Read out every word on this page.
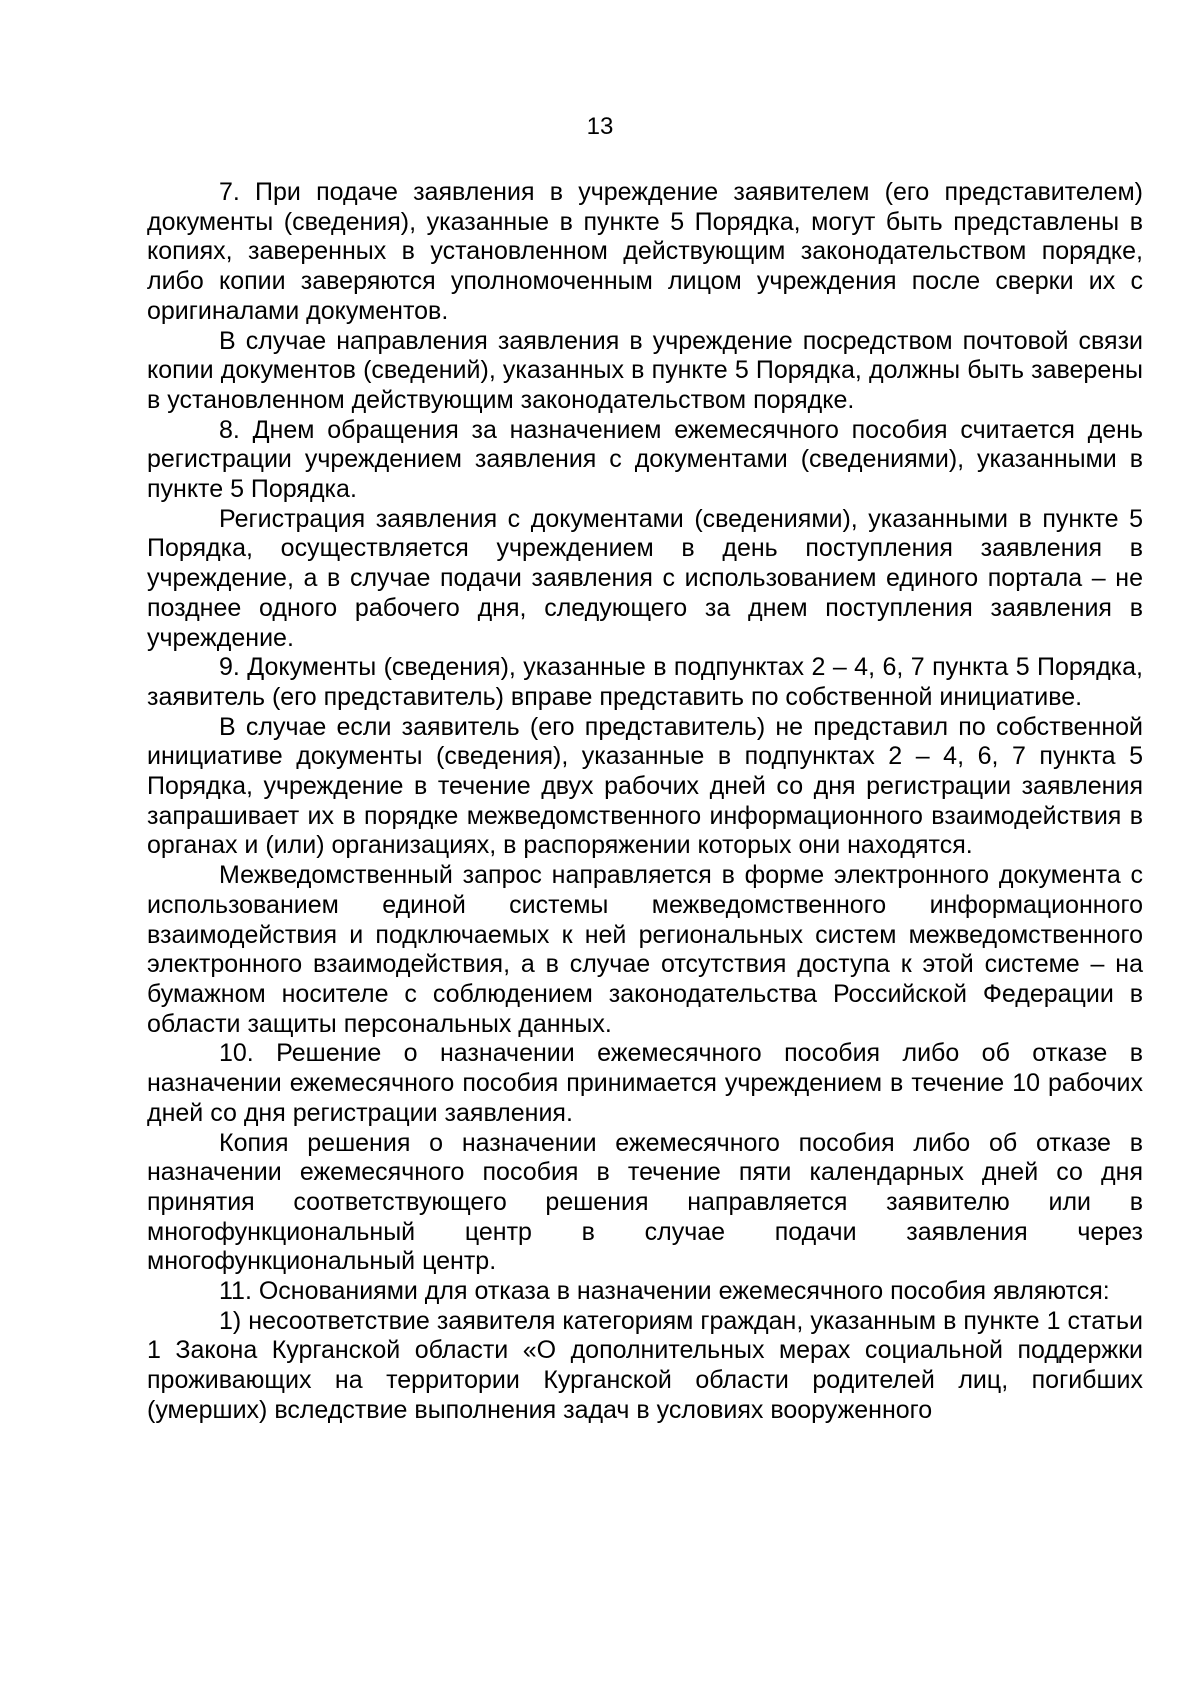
13

7. При подаче заявления в учреждение заявителем (его представителем) документы (сведения), указанные в пункте 5 Порядка, могут быть представлены в копиях, заверенных в установленном действующим законодательством порядке, либо копии заверяются уполномоченным лицом учреждения после сверки их с оригиналами документов.

В случае направления заявления в учреждение посредством почтовой связи копии документов (сведений), указанных в пункте 5 Порядка, должны быть заверены в установленном действующим законодательством порядке.

8. Днем обращения за назначением ежемесячного пособия считается день регистрации учреждением заявления с документами (сведениями), указанными в пункте 5 Порядка.

Регистрация заявления с документами (сведениями), указанными в пункте 5 Порядка, осуществляется учреждением в день поступления заявления в учреждение, а в случае подачи заявления с использованием единого портала – не позднее одного рабочего дня, следующего за днем поступления заявления в учреждение.

9. Документы (сведения), указанные в подпунктах 2 – 4, 6, 7 пункта 5 Порядка, заявитель (его представитель) вправе представить по собственной инициативе.

В случае если заявитель (его представитель) не представил по собственной инициативе документы (сведения), указанные в подпунктах 2 – 4, 6, 7 пункта 5 Порядка, учреждение в течение двух рабочих дней со дня регистрации заявления запрашивает их в порядке межведомственного информационного взаимодействия в органах и (или) организациях, в распоряжении которых они находятся.

Межведомственный запрос направляется в форме электронного документа с использованием единой системы межведомственного информационного взаимодействия и подключаемых к ней региональных систем межведомственного электронного взаимодействия, а в случае отсутствия доступа к этой системе – на бумажном носителе с соблюдением законодательства Российской Федерации в области защиты персональных данных.

10. Решение о назначении ежемесячного пособия либо об отказе в назначении ежемесячного пособия принимается учреждением в течение 10 рабочих дней со дня регистрации заявления.

Копия решения о назначении ежемесячного пособия либо об отказе в назначении ежемесячного пособия в течение пяти календарных дней со дня принятия соответствующего решения направляется заявителю или в многофункциональный центр в случае подачи заявления через многофункциональный центр.

11. Основаниями для отказа в назначении ежемесячного пособия являются:

1) несоответствие заявителя категориям граждан, указанным в пункте 1 статьи 1 Закона Курганской области «О дополнительных мерах социальной поддержки проживающих на территории Курганской области родителей лиц, погибших (умерших) вследствие выполнения задач в условиях вооруженного
